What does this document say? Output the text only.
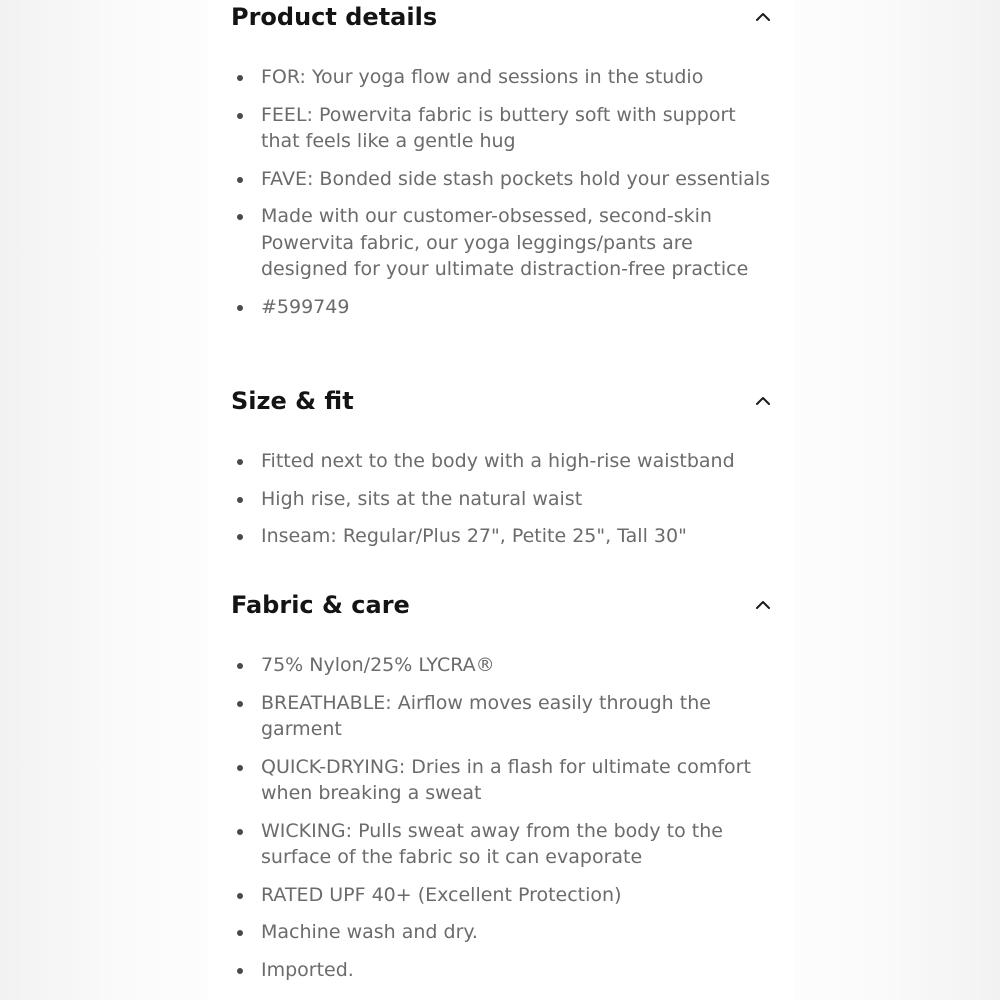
Product details
FOR: Your yoga flow and sessions in the studio
FEEL: Powervita fabric is buttery soft with support that feels like a gentle hug
FAVE: Bonded side stash pockets hold your essentials
Made with our customer-obsessed, second-skin Powervita fabric, our yoga leggings/pants are designed for your ultimate distraction-free practice
#599749
Size & fit
Fitted next to the body with a high-rise waistband
High rise, sits at the natural waist
Inseam: Regular/Plus 27", Petite 25", Tall 30"
Fabric & care
75% Nylon/25% LYCRA®
BREATHABLE: Airflow moves easily through the garment
QUICK-DRYING: Dries in a flash for ultimate comfort when breaking a sweat
WICKING: Pulls sweat away from the body to the surface of the fabric so it can evaporate
RATED UPF 40+ (Excellent Protection)
Machine wash and dry.
Imported.
